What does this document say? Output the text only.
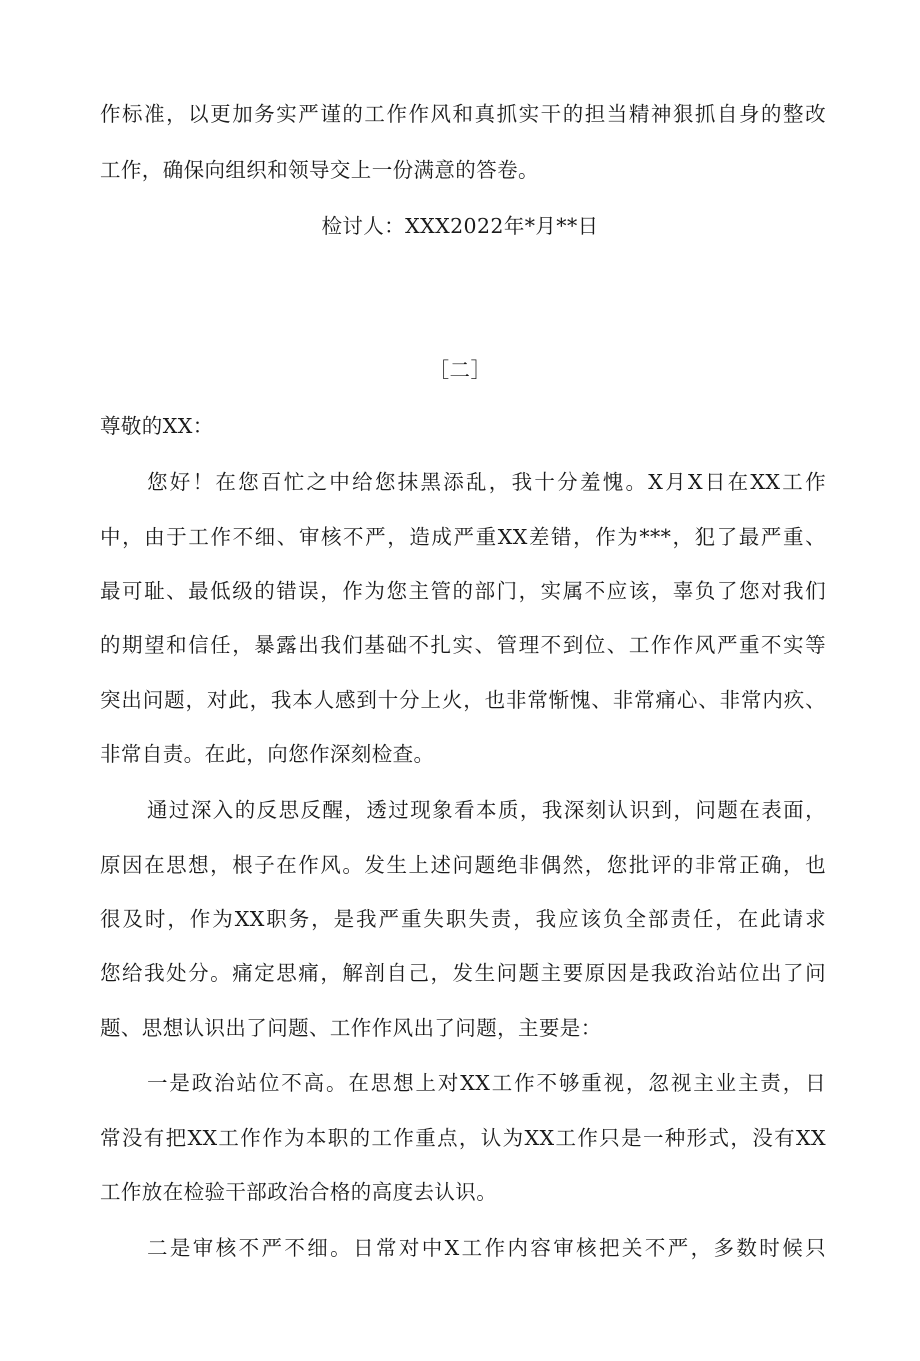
作标准，以更加务实严谨的工作作风和真抓实干的担当精神狠抓自身的整改
工作，确保向组织和领导交上一份满意的答卷。
检讨人：XXX2022年*月**日
［二］
尊敬的XX：
您好！在您百忙之中给您抹黑添乱，我十分羞愧。X月X日在XX工作
中，由于工作不细、审核不严，造成严重XX差错，作为***，犯了最严重、
最可耻、最低级的错误，作为您主管的部门，实属不应该，辜负了您对我们
的期望和信任，暴露出我们基础不扎实、管理不到位、工作作风严重不实等
突出问题，对此，我本人感到十分上火，也非常惭愧、非常痛心、非常内疚、
非常自责。在此，向您作深刻检查。
通过深入的反思反醒，透过现象看本质，我深刻认识到，问题在表面，
原因在思想，根子在作风。发生上述问题绝非偶然，您批评的非常正确，也
很及时，作为XX职务，是我严重失职失责，我应该负全部责任，在此请求
您给我处分。痛定思痛，解剖自己，发生问题主要原因是我政治站位出了问
题、思想认识出了问题、工作作风出了问题，主要是：
一是政治站位不高。在思想上对XX工作不够重视，忽视主业主责，日
常没有把XX工作作为本职的工作重点，认为XX工作只是一种形式，没有XX
工作放在检验干部政治合格的高度去认识。
二是审核不严不细。日常对中X工作内容审核把关不严，多数时候只
